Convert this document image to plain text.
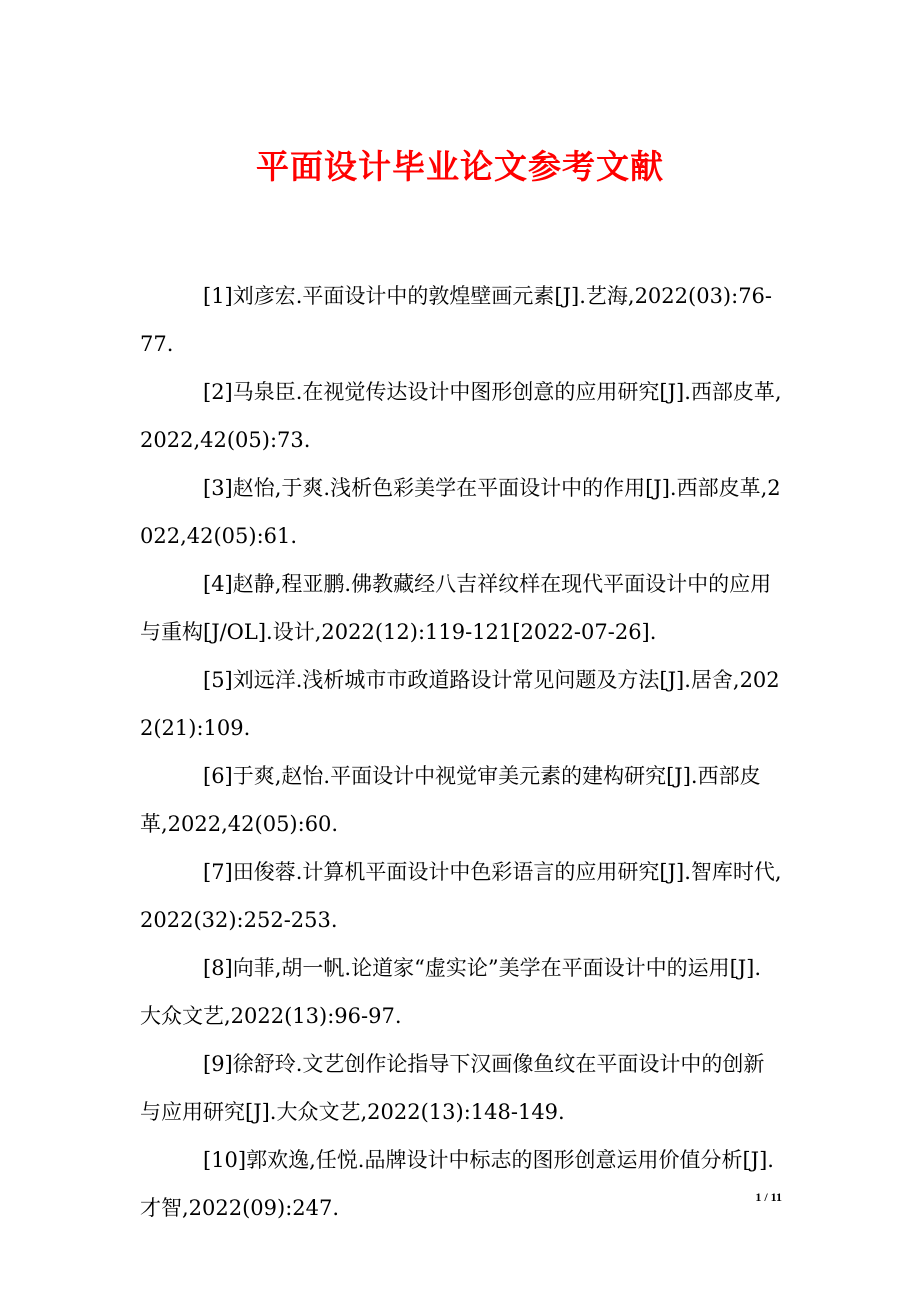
平面设计毕业论文参考文献
[1]刘彦宏.平面设计中的敦煌壁画元素[J].艺海,2022(03):76-77.
[2]马泉臣.在视觉传达设计中图形创意的应用研究[J].西部皮革,2022,42(05):73.
[3]赵怡,于爽.浅析色彩美学在平面设计中的作用[J].西部皮革,2022,42(05):61.
[4]赵静,程亚鹏.佛教藏经八吉祥纹样在现代平面设计中的应用与重构[J/OL].设计,2022(12):119-121[2022-07-26].
[5]刘远洋.浅析城市市政道路设计常见问题及方法[J].居舍,2022(21):109.
[6]于爽,赵怡.平面设计中视觉审美元素的建构研究[J].西部皮革,2022,42(05):60.
[7]田俊蓉.计算机平面设计中色彩语言的应用研究[J].智库时代,2022(32):252-253.
[8]向菲,胡一帆.论道家“虚实论”美学在平面设计中的运用[J].大众文艺,2022(13):96-97.
[9]徐舒玲.文艺创作论指导下汉画像鱼纹在平面设计中的创新与应用研究[J].大众文艺,2022(13):148-149.
[10]郭欢逸,任悦.品牌设计中标志的图形创意运用价值分析[J].才智,2022(09):247.	1 / 11
